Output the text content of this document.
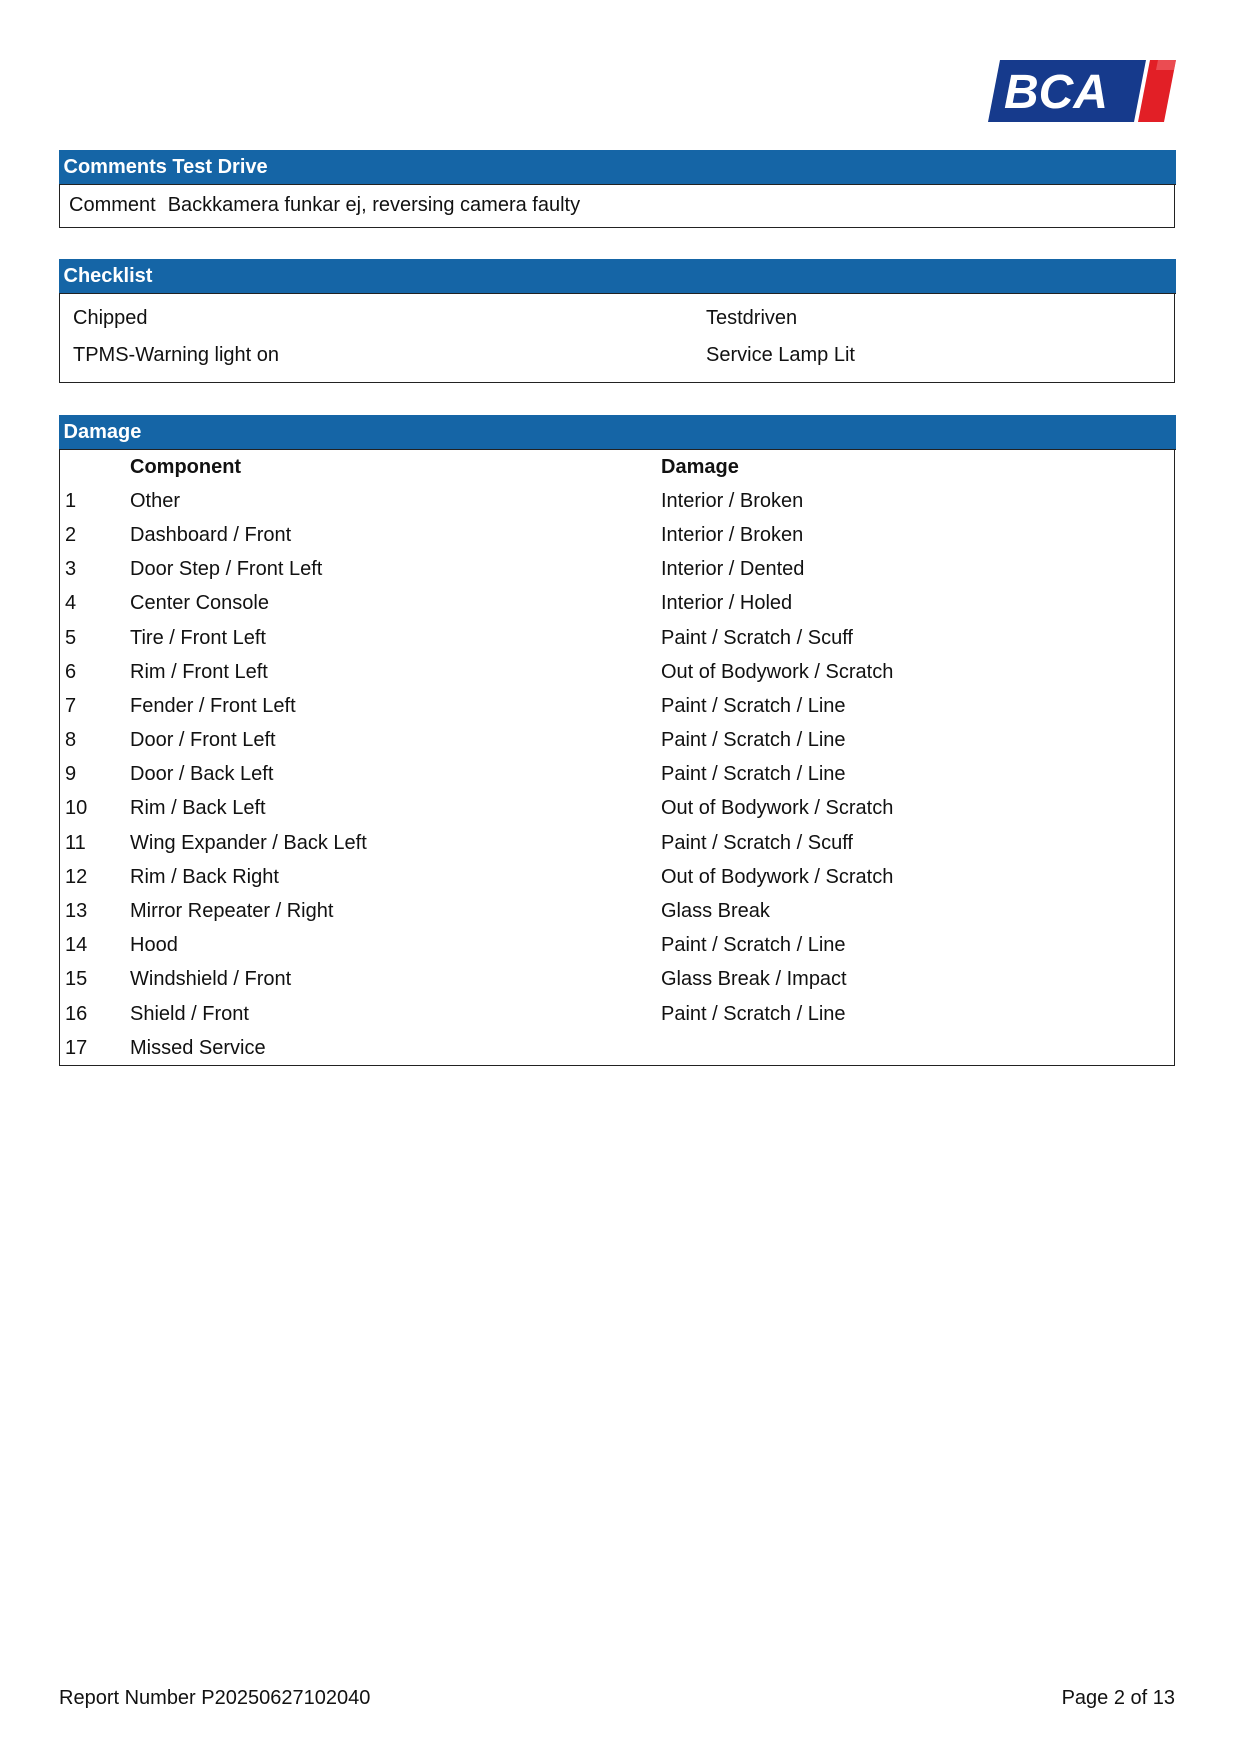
BCA
Comments Test Drive
Comment Backkamera funkar ej, reversing camera faulty
Checklist
Chipped	Testdriven
TPMS-Warning light on	Service Lamp Lit
Damage
	Component	Damage
1	Other	Interior / Broken
2	Dashboard / Front	Interior / Broken
3	Door Step / Front Left	Interior / Dented
4	Center Console	Interior / Holed
5	Tire / Front Left	Paint / Scratch / Scuff
6	Rim / Front Left	Out of Bodywork / Scratch
7	Fender / Front Left	Paint / Scratch / Line
8	Door / Front Left	Paint / Scratch / Line
9	Door / Back Left	Paint / Scratch / Line
10	Rim / Back Left	Out of Bodywork / Scratch
11	Wing Expander / Back Left	Paint / Scratch / Scuff
12	Rim / Back Right	Out of Bodywork / Scratch
13	Mirror Repeater / Right	Glass Break
14	Hood	Paint / Scratch / Line
15	Windshield / Front	Glass Break / Impact
16	Shield / Front	Paint / Scratch / Line
17	Missed Service	
Report Number P20250627102040	Page 2 of 13
